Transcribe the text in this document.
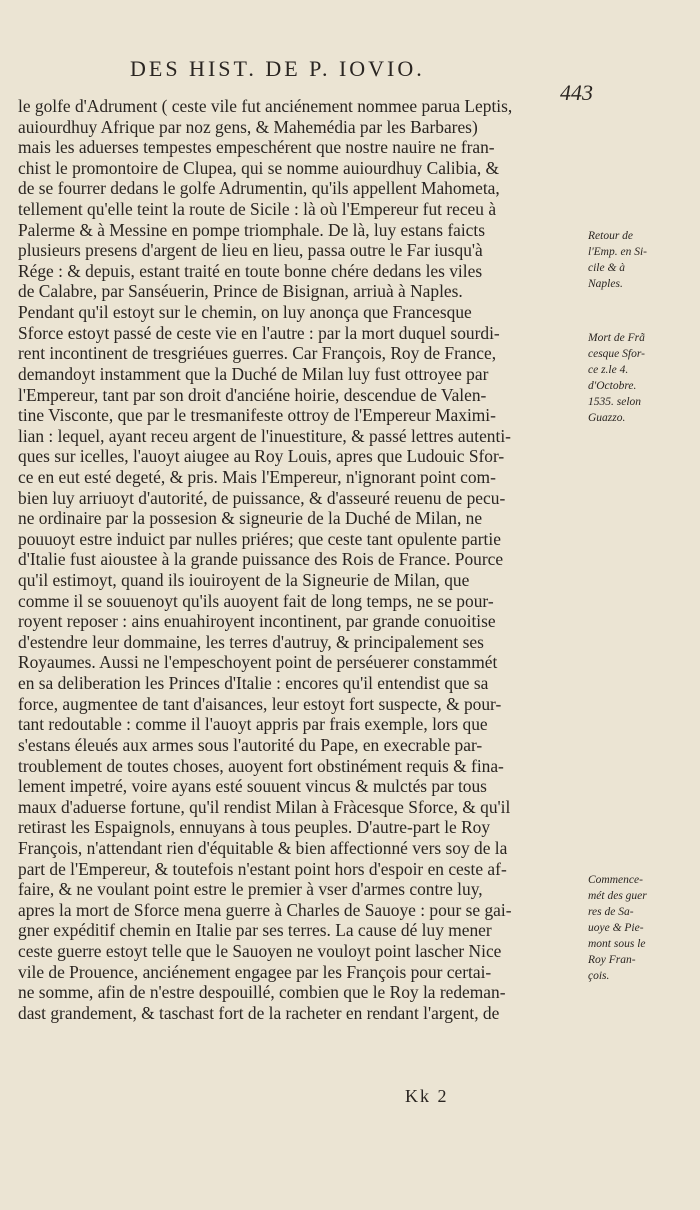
DES HIST. DE P. IOVIO.
443
le golfe d'Adrument ( ceste vile fut anciénement nommee parua Leptis,
auiourdhuy Afrique par noz gens, & Mahemédia par les Barbares)
mais les aduerses tempestes empeschérent que nostre nauire ne fran-
chist le promontoire de Clupea, qui se nomme auiourdhuy Calibia, &
de se fourrer dedans le golfe Adrumentin, qu'ils appellent Mahometa,
tellement qu'elle teint la route de Sicile : là où l'Empereur fut receu à
Palerme & à Messine en pompe triomphale. De là, luy estans faicts
plusieurs presens d'argent de lieu en lieu, passa outre le Far iusqu'à
Rége : & depuis, estant traité en toute bonne chére dedans les viles
de Calabre, par Sanséuerin, Prince de Bisignan, arriuà à Naples.
Pendant qu'il estoyt sur le chemin, on luy anonça que Francesque
Sforce estoyt passé de ceste vie en l'autre : par la mort duquel sourdi-
rent incontinent de tresgriéues guerres. Car François, Roy de France,
demandoyt instamment que la Duché de Milan luy fust ottroyee par
l'Empereur, tant par son droit d'anciéne hoirie, descendue de Valen-
tine Visconte, que par le tresmanifeste ottroy de l'Empereur Maximi-
lian : lequel, ayant receu argent de l'inuestiture, & passé lettres autenti-
ques sur icelles, l'auoyt aiugee au Roy Louis, apres que Ludouic Sfor-
ce en eut esté degeté, & pris. Mais l'Empereur, n'ignorant point com-
bien luy arriuoyt d'autorité, de puissance, & d'asseuré reuenu de pecu-
ne ordinaire par la possesion & signeurie de la Duché de Milan, ne
pouuoyt estre induict par nulles priéres; que ceste tant opulente partie
d'Italie fust aioustee à la grande puissance des Rois de France. Pource
qu'il estimoyt, quand ils iouiroyent de la Signeurie de Milan, que
comme il se souuenoyt qu'ils auoyent fait de long temps, ne se pour-
royent reposer : ains enuahiroyent incontinent, par grande conuoitise
d'estendre leur dommaine, les terres d'autruy, & principalement ses
Royaumes. Aussi ne l'empeschoyent point de perséuerer constammét
en sa deliberation les Princes d'Italie : encores qu'il entendist que sa
force, augmentee de tant d'aisances, leur estoyt fort suspecte, & pour-
tant redoutable : comme il l'auoyt appris par frais exemple, lors que
s'estans éleués aux armes sous l'autorité du Pape, en execrable par-
troublement de toutes choses, auoyent fort obstinément requis & fina-
lement impetré, voire ayans esté souuent vincus & mulctés par tous
maux d'aduerse fortune, qu'il rendist Milan à Fràcesque Sforce, & qu'il
retirast les Espaignols, ennuyans à tous peuples. D'autre-part le Roy
François, n'attendant rien d'équitable & bien affectionné vers soy de la
part de l'Empereur, & toutefois n'estant point hors d'espoir en ceste af-
faire, & ne voulant point estre le premier à vser d'armes contre luy,
apres la mort de Sforce mena guerre à Charles de Sauoye : pour se gai-
gner expéditif chemin en Italie par ses terres. La cause dé luy mener
ceste guerre estoyt telle que le Sauoyen ne vouloyt point lascher Nice
vile de Prouence, anciénement engagee par les François pour certai-
ne somme, afin de n'estre despouillé, combien que le Roy la redeman-
dast grandement, & taschast fort de la racheter en rendant l'argent, de
Retour de
l'Emp. en Si-
cile & à
Naples.
Mort de Frã
cesque Sfor-
ce z.le 4.
d'Octobre.
1535. selon
Guazzo.
Commence-
mét des guer
res de Sa-
uoye & Pie-
mont sous le
Roy Fran-
çois.
Kk 2
